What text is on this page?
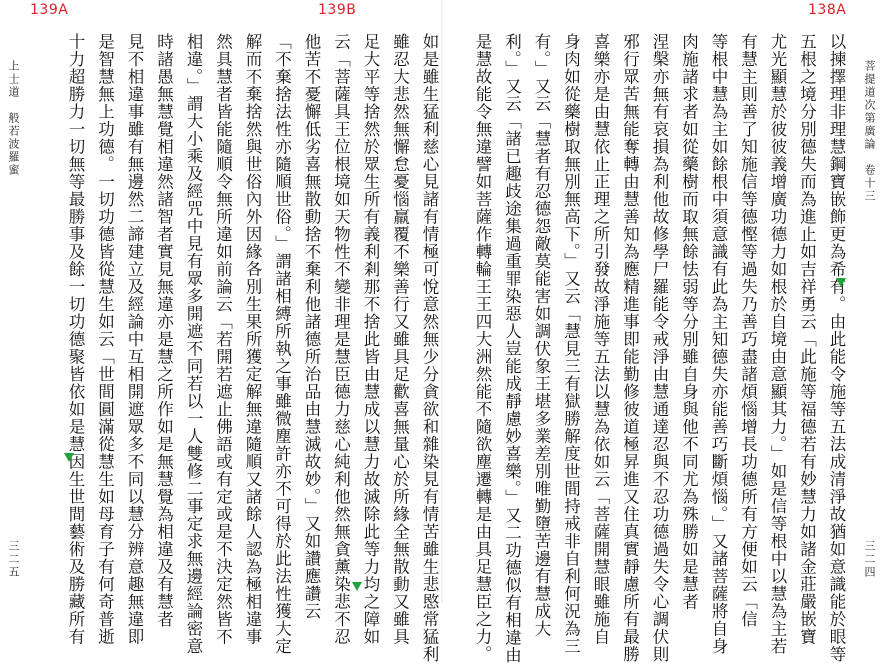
139A	139B
如是雖生猛利慈心見諸有情極可悅意然無少分貪欲和雜染見有情苦雖生悲愍常猛利
雖忍大悲然無懈怠憂惱羸覆不樂善行又雖具足歡喜無量心於所緣全無散動又雖具
足大平等捨然於眾生所有義利剎那不捨此皆由慧成以慧力故滅除此等力均之障如
云「菩薩具王位根境如天物性不變非理是慧臣德力慈心純利他然無貪薰染悲不忍
他苦不憂懈低劣喜無散動捨不棄利他諸德所治品由慧滅故妙。」又如讚應讚云
「不棄捨法性亦隨順世俗。」謂諸相縛所執之事雖微塵許亦不可得於此法性獲大定
解而不棄捨然與世俗內外因緣各別生果所獲定解無違隨順又諸餘人認為極相違事
然具慧者皆能隨順令無所違如前論云「若開若遮止佛語或有定或是不決定然皆不
相違。」謂大小乘及經咒中見有眾多開遮不同若以一人雙修二事定求無邊經論密意
時諸愚無慧覺相違然諸智者實見無違亦是慧之所作如是無慧覺為相違及有慧者
見不相違事雖有無邊然二諦建立及經論中互相開遮眾多不同以慧分辨意趣無違即
是智慧無上功德。一切功德皆從慧生如云「世間圓滿從慧生如母育子有何奇普逝
十力超勝力一切無等最勝事及餘一切功德聚皆依如是慧因生世間藝術及勝藏所有
上士道　般若波羅蜜
三二五
138A
以揀擇理非理慧鋼寶嵌飾更為希有。由此能令施等五法成清淨故猶如意識能於眼等
五根之境分別德失而為進止如吉祥勇云「此施等福德若有妙慧力如諸金莊嚴嵌寶
尤光顯慧於彼彼義增廣功德力如根於自境由意顯其力。」如是信等根中以慧為主若
有慧主則善了知施信等德慳等過失乃善巧盡諸煩惱增長功德所有方便如云「信
等根中慧為主如餘根中須意識有此為主知德失亦能善巧斷煩惱。」又諸菩薩將自身
肉施諸求者如從藥樹而取無餘怯弱等分別雖自身與他不同尤為殊勝如是慧者
涅槃亦無有哀損為利他故修學尸羅能令戒淨由慧通達忍與不忍功德過失令心調伏則
邪行眾苦無能奪轉由慧善知為應精進事即能勤修彼道極昇進又住真實靜慮所有最勝
喜樂亦是由慧依止正理之所引發故淨施等五法以慧為依如云「菩薩開慧眼雖施自
身肉如從藥樹取無別無高下。」又云「慧見三有獄勝解度世間持戒非自利何況為三
有。」又云「慧者有忍德怨敵莫能害如調伏象王堪多業差別唯勤墮苦邊有慧成大
利。」又云「諸已趣歧途集過重罪染惡人豈能成靜慮妙喜樂。」又二功德似有相違由
是慧故能令無違譬如菩薩作轉輪王王四大洲然能不隨欲塵遷轉是由具足慧臣之力。	菩提道次第廣論　卷十三
三二四
